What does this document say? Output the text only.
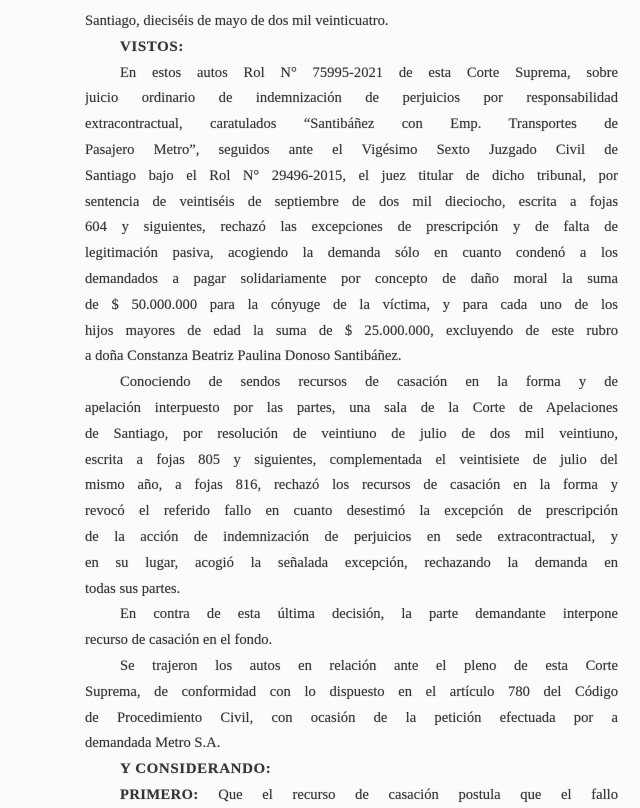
Santiago, dieciséis de mayo de dos mil veinticuatro.
VISTOS:
En estos autos Rol N° 75995-2021 de esta Corte Suprema, sobre
juicio ordinario de indemnización de perjuicios por responsabilidad
extracontractual, caratulados “Santibáñez con Emp. Transportes de
Pasajero Metro”, seguidos ante el Vigésimo Sexto Juzgado Civil de
Santiago bajo el Rol N° 29496-2015, el juez titular de dicho tribunal, por
sentencia de veintiséis de septiembre de dos mil dieciocho, escrita a fojas
604 y siguientes, rechazó las excepciones de prescripción y de falta de
legitimación pasiva, acogiendo la demanda sólo en cuanto condenó a los
demandados a pagar solidariamente por concepto de daño moral la suma
de $ 50.000.000 para la cónyuge de la víctima, y para cada uno de los
hijos mayores de edad la suma de $ 25.000.000, excluyendo de este rubro
a doña Constanza Beatriz Paulina Donoso Santibáñez.
Conociendo de sendos recursos de casación en la forma y de
apelación interpuesto por las partes, una sala de la Corte de Apelaciones
de Santiago, por resolución de veintiuno de julio de dos mil veintiuno,
escrita a fojas 805 y siguientes, complementada el veintisiete de julio del
mismo año, a fojas 816, rechazó los recursos de casación en la forma y
revocó el referido fallo en cuanto desestimó la excepción de prescripción
de la acción de indemnización de perjuicios en sede extracontractual, y
en su lugar, acogió la señalada excepción, rechazando la demanda en
todas sus partes.
En contra de esta última decisión, la parte demandante interpone
recurso de casación en el fondo.
Se trajeron los autos en relación ante el pleno de esta Corte
Suprema, de conformidad con lo dispuesto en el artículo 780 del Código
de Procedimiento Civil, con ocasión de la petición efectuada por a
demandada Metro S.A.
Y CONSIDERANDO:
PRIMERO: Que el recurso de casación postula que el fallo
